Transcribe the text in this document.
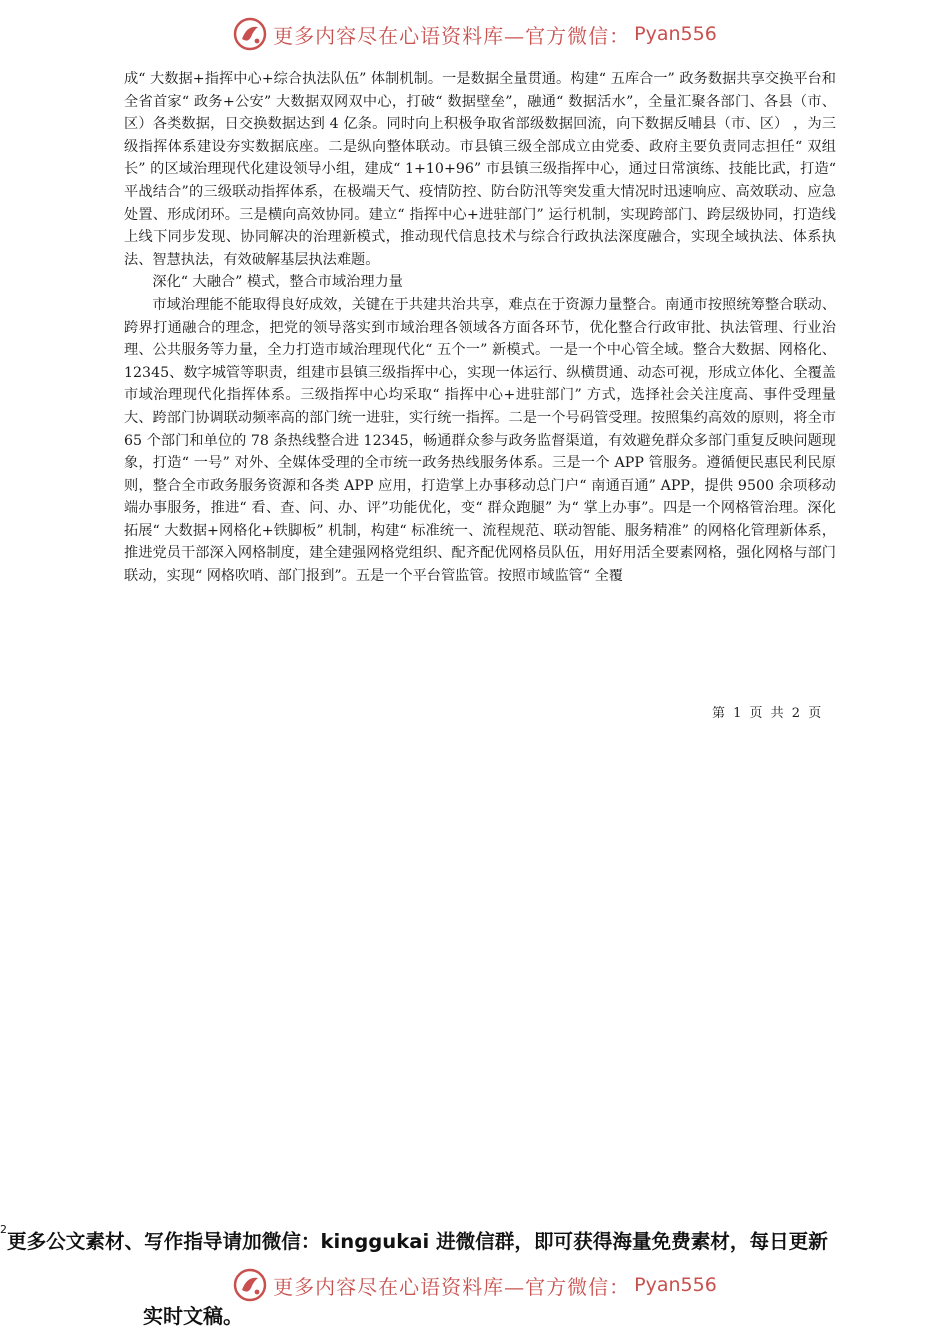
更多内容尽在心语资料库—官方微信： Pyan556

成“ 大数据+指挥中心+综合执法队伍” 体制机制。一是数据全量贯通。构建“ 五库合一” 政务数据共享交换平台和全省首家“ 政务+公安” 大数据双网双中心，打破“ 数据壁垒”，融通“ 数据活水”，全量汇聚各部门、各县（市、区）各类数据，日交换数据达到 4 亿条。同时向上积极争取省部级数据回流，向下数据反哺县（市、区） ，为三级指挥体系建设夯实数据底座。二是纵向整体联动。市县镇三级全部成立由党委、政府主要负责同志担任“ 双组长” 的区域治理现代化建设领导小组，建成“ 1+10+96” 市县镇三级指挥中心，通过日常演练、技能比武，打造“ 平战结合”的三级联动指挥体系，在极端天气、疫情防控、防台防汛等突发重大情况时迅速响应、高效联动、应急处置、形成闭环。三是横向高效协同。建立“ 指挥中心+进驻部门” 运行机制，实现跨部门、跨层级协同，打造线上线下同步发现、协同解决的治理新模式，推动现代信息技术与综合行政执法深度融合，实现全域执法、体系执法、智慧执法，有效破解基层执法难题。

深化“ 大融合” 模式，整合市域治理力量

市域治理能不能取得良好成效，关键在于共建共治共享，难点在于资源力量整合。南通市按照统筹整合联动、跨界打通融合的理念，把党的领导落实到市域治理各领域各方面各环节，优化整合行政审批、执法管理、行业治理、公共服务等力量，全力打造市域治理现代化“ 五个一” 新模式。一是一个中心管全域。整合大数据、网格化、12345、数字城管等职责，组建市县镇三级指挥中心，实现一体运行、纵横贯通、动态可视，形成立体化、全覆盖市域治理现代化指挥体系。三级指挥中心均采取“ 指挥中心+进驻部门” 方式，选择社会关注度高、事件受理量大、跨部门协调联动频率高的部门统一进驻，实行统一指挥。二是一个号码管受理。按照集约高效的原则，将全市 65 个部门和单位的 78 条热线整合进 12345，畅通群众参与政务监督渠道，有效避免群众多部门重复反映问题现象，打造“ 一号” 对外、全媒体受理的全市统一政务热线服务体系。三是一个 APP 管服务。遵循便民惠民利民原则，整合全市政务服务资源和各类 APP 应用，打造掌上办事移动总门户“ 南通百通” APP，提供 9500 余项移动端办事服务，推进“ 看、查、问、办、评”功能优化，变“ 群众跑腿” 为“ 掌上办事”。四是一个网格管治理。深化拓展“ 大数据+网格化+铁脚板” 机制，构建“ 标准统一、流程规范、联动智能、服务精准” 的网格化管理新体系，推进党员干部深入网格制度，建全建强网格党组织、配齐配优网格员队伍，用好用活全要素网格，强化网格与部门联动，实现“ 网格吹哨、部门报到”。五是一个平台管监管。按照市域监管“ 全覆

第 1 页 共 2 页
$^2$更多公文素材、写作指导请加微信：kinggukai 进微信群，即可获得海量免费素材，每日更新
更多内容尽在心语资料库—官方微信： Pyan556
实时文稿。
